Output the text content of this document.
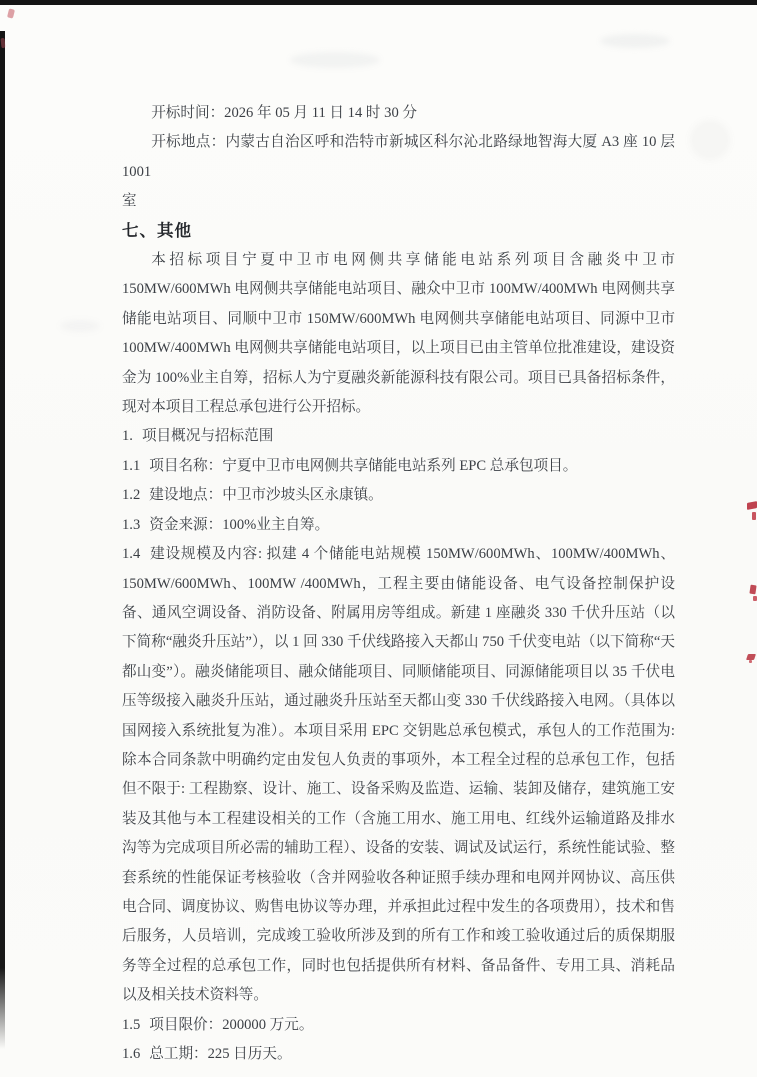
开标时间：2026 年 05 月 11 日 14 时 30 分

开标地点：内蒙古自治区呼和浩特市新城区科尔沁北路绿地智海大厦 A3 座 10 层 1001

室

七、其他

本招标项目宁夏中卫市电网侧共享储能电站系列项目含融炎中卫市 150MW/600MWh 电网侧共享储能电站项目、融众中卫市 100MW/400MWh 电网侧共享储能电站项目、同顺中卫市 150MW/600MWh 电网侧共享储能电站项目、同源中卫市 100MW/400MWh 电网侧共享储能电站项目，以上项目已由主管单位批准建设，建设资金为 100%业主自筹，招标人为宁夏融炎新能源科技有限公司。项目已具备招标条件，现对本项目工程总承包进行公开招标。

1. 项目概况与招标范围

1.1 项目名称：宁夏中卫市电网侧共享储能电站系列 EPC 总承包项目。

1.2 建设地点：中卫市沙坡头区永康镇。

1.3 资金来源：100%业主自筹。

1.4 建设规模及内容: 拟建 4 个储能电站规模 150MW/600MWh、100MW/400MWh、150MW/600MWh、100MW /400MWh，工程主要由储能设备、电气设备控制保护设备、通风空调设备、消防设备、附属用房等组成。新建 1 座融炎 330 千伏升压站（以下简称“融炎升压站”），以 1 回 330 千伏线路接入天都山 750 千伏变电站（以下简称“天都山变”）。融炎储能项目、融众储能项目、同顺储能项目、同源储能项目以 35 千伏电压等级接入融炎升压站，通过融炎升压站至天都山变 330 千伏线路接入电网。（具体以国网接入系统批复为准）。本项目采用 EPC 交钥匙总承包模式，承包人的工作范围为: 除本合同条款中明确约定由发包人负责的事项外，本工程全过程的总承包工作，包括但不限于: 工程勘察、设计、施工、设备采购及监造、运输、装卸及储存，建筑施工安装及其他与本工程建设相关的工作（含施工用水、施工用电、红线外运输道路及排水沟等为完成项目所必需的辅助工程）、设备的安装、调试及试运行，系统性能试验、整套系统的性能保证考核验收（含并网验收各种证照手续办理和电网并网协议、高压供电合同、调度协议、购售电协议等办理，并承担此过程中发生的各项费用），技术和售后服务，人员培训，完成竣工验收所涉及到的所有工作和竣工验收通过后的质保期服务等全过程的总承包工作，同时也包括提供所有材料、备品备件、专用工具、消耗品以及相关技术资料等。

1.5 项目限价：200000 万元。

1.6 总工期：225 日历天。
